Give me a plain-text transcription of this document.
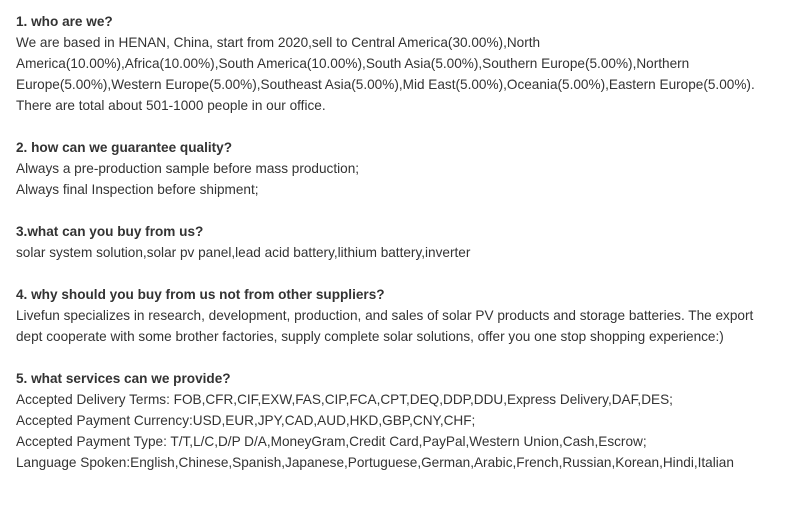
1. who are we?
We are based in HENAN, China, start from 2020,sell to Central America(30.00%),North America(10.00%),Africa(10.00%),South America(10.00%),South Asia(5.00%),Southern Europe(5.00%),Northern Europe(5.00%),Western Europe(5.00%),Southeast Asia(5.00%),Mid East(5.00%),Oceania(5.00%),Eastern Europe(5.00%). There are total about 501-1000 people in our office.
2. how can we guarantee quality?
Always a pre-production sample before mass production;
Always final Inspection before shipment;
3.what can you buy from us?
solar system solution,solar pv panel,lead acid battery,lithium battery,inverter
4. why should you buy from us not from other suppliers?
Livefun specializes in research, development, production, and sales of solar PV products and storage batteries. The export dept cooperate with some brother factories, supply complete solar solutions, offer you one stop shopping experience:)
5. what services can we provide?
Accepted Delivery Terms: FOB,CFR,CIF,EXW,FAS,CIP,FCA,CPT,DEQ,DDP,DDU,Express Delivery,DAF,DES;
Accepted Payment Currency:USD,EUR,JPY,CAD,AUD,HKD,GBP,CNY,CHF;
Accepted Payment Type: T/T,L/C,D/P D/A,MoneyGram,Credit Card,PayPal,Western Union,Cash,Escrow;
Language Spoken:English,Chinese,Spanish,Japanese,Portuguese,German,Arabic,French,Russian,Korean,Hindi,Italian
